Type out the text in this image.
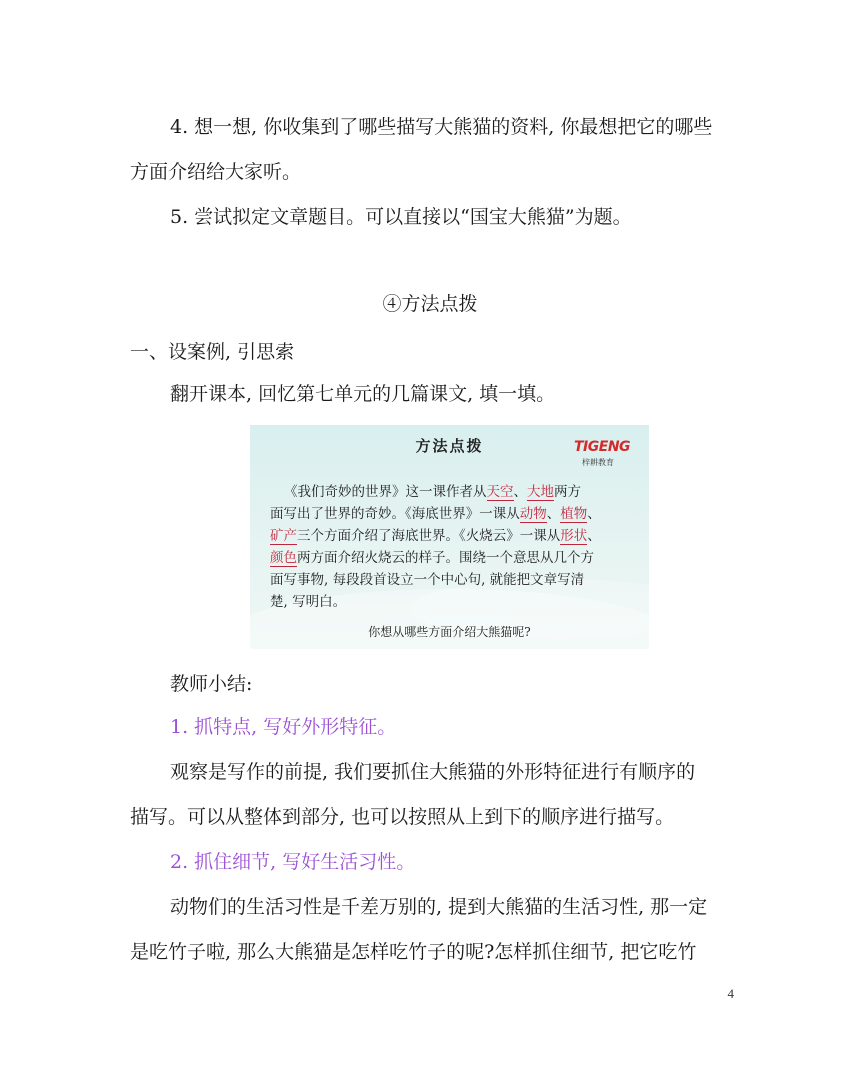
4. 想一想, 你收集到了哪些描写大熊猫的资料, 你最想把它的哪些
方面介绍给大家听。
5. 尝试拟定文章题目。可以直接以“国宝大熊猫”为题。
④方法点拨
一、设案例, 引思索
翻开课本, 回忆第七单元的几篇课文, 填一填。
方法点拨	TIGENG
梓耕教育
《我们奇妙的世界》这一课作者从天空、大地两方
面写出了世界的奇妙。《海底世界》一课从动物、植物、
矿产三个方面介绍了海底世界。《火烧云》一课从形状、
颜色两方面介绍火烧云的样子。围绕一个意思从几个方
面写事物, 每段段首设立一个中心句, 就能把文章写清
楚, 写明白。
你想从哪些方面介绍大熊猫呢?
教师小结:
1. 抓特点, 写好外形特征。
观察是写作的前提, 我们要抓住大熊猫的外形特征进行有顺序的
描写。可以从整体到部分, 也可以按照从上到下的顺序进行描写。
2. 抓住细节, 写好生活习性。
动物们的生活习性是千差万别的, 提到大熊猫的生活习性, 那一定
是吃竹子啦, 那么大熊猫是怎样吃竹子的呢?怎样抓住细节, 把它吃竹
4
